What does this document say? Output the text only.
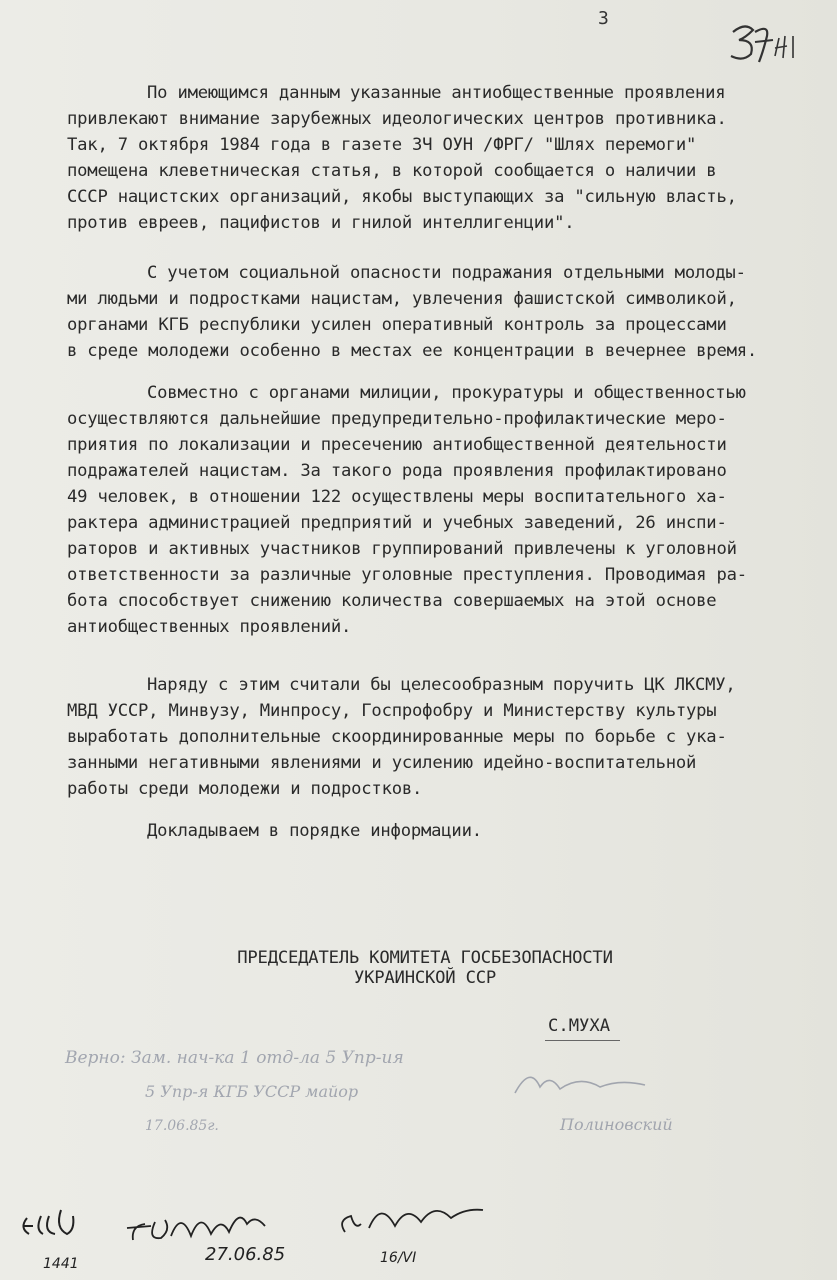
3

По имеющимся данным указанные антиобщественные проявления
привлекают внимание зарубежных идеологических центров противника.
Так, 7 октября 1984 года в газете ЗЧ ОУН /ФРГ/ "Шлях перемоги"
помещена клеветническая статья, в которой сообщается о наличии в
СССР нацистских организаций, якобы выступающих за "сильную власть,
против евреев, пацифистов и гнилой интеллигенции".

С учетом социальной опасности подражания отдельными молоды-
ми людьми и подростками нацистам, увлечения фашистской символикой,
органами КГБ республики усилен оперативный контроль за процессами
в среде молодежи особенно в местах ее концентрации в вечернее время.

Совместно с органами милиции, прокуратуры и общественностью
осуществляются дальнейшие предупредительно-профилактические меро-
приятия по локализации и пресечению антиобщественной деятельности
подражателей нацистам. За такого рода проявления профилактировано
49 человек, в отношении 122 осуществлены меры воспитательного ха-
рактера администрацией предприятий и учебных заведений, 26 инспи-
раторов и активных участников группирований привлечены к уголовной
ответственности за различные уголовные преступления. Проводимая ра-
бота способствует снижению количества совершаемых на этой основе
антиобщественных проявлений.

Наряду с этим считали бы целесообразным поручить ЦК ЛКСМУ,
МВД УССР, Минвузу, Минпросу, Госпрофобру и Министерству культуры
выработать дополнительные скоординированные меры по борьбе с ука-
занными негативными явлениями и усилению идейно-воспитательной
работы среди молодежи и подростков.

Докладываем в порядке информации.

ПРЕДСЕДАТЕЛЬ КОМИТЕТА ГОСБЕЗОПАСНОСТИ
УКРАИНСКОЙ ССР
С.МУХА
Верно: Зам. нач-ка 1 отд-ла 5 Упр-ия
5 Упр-я КГБ УССР майор
17.06.85г.	Полиновский
1441	27.06.85	16/VI
